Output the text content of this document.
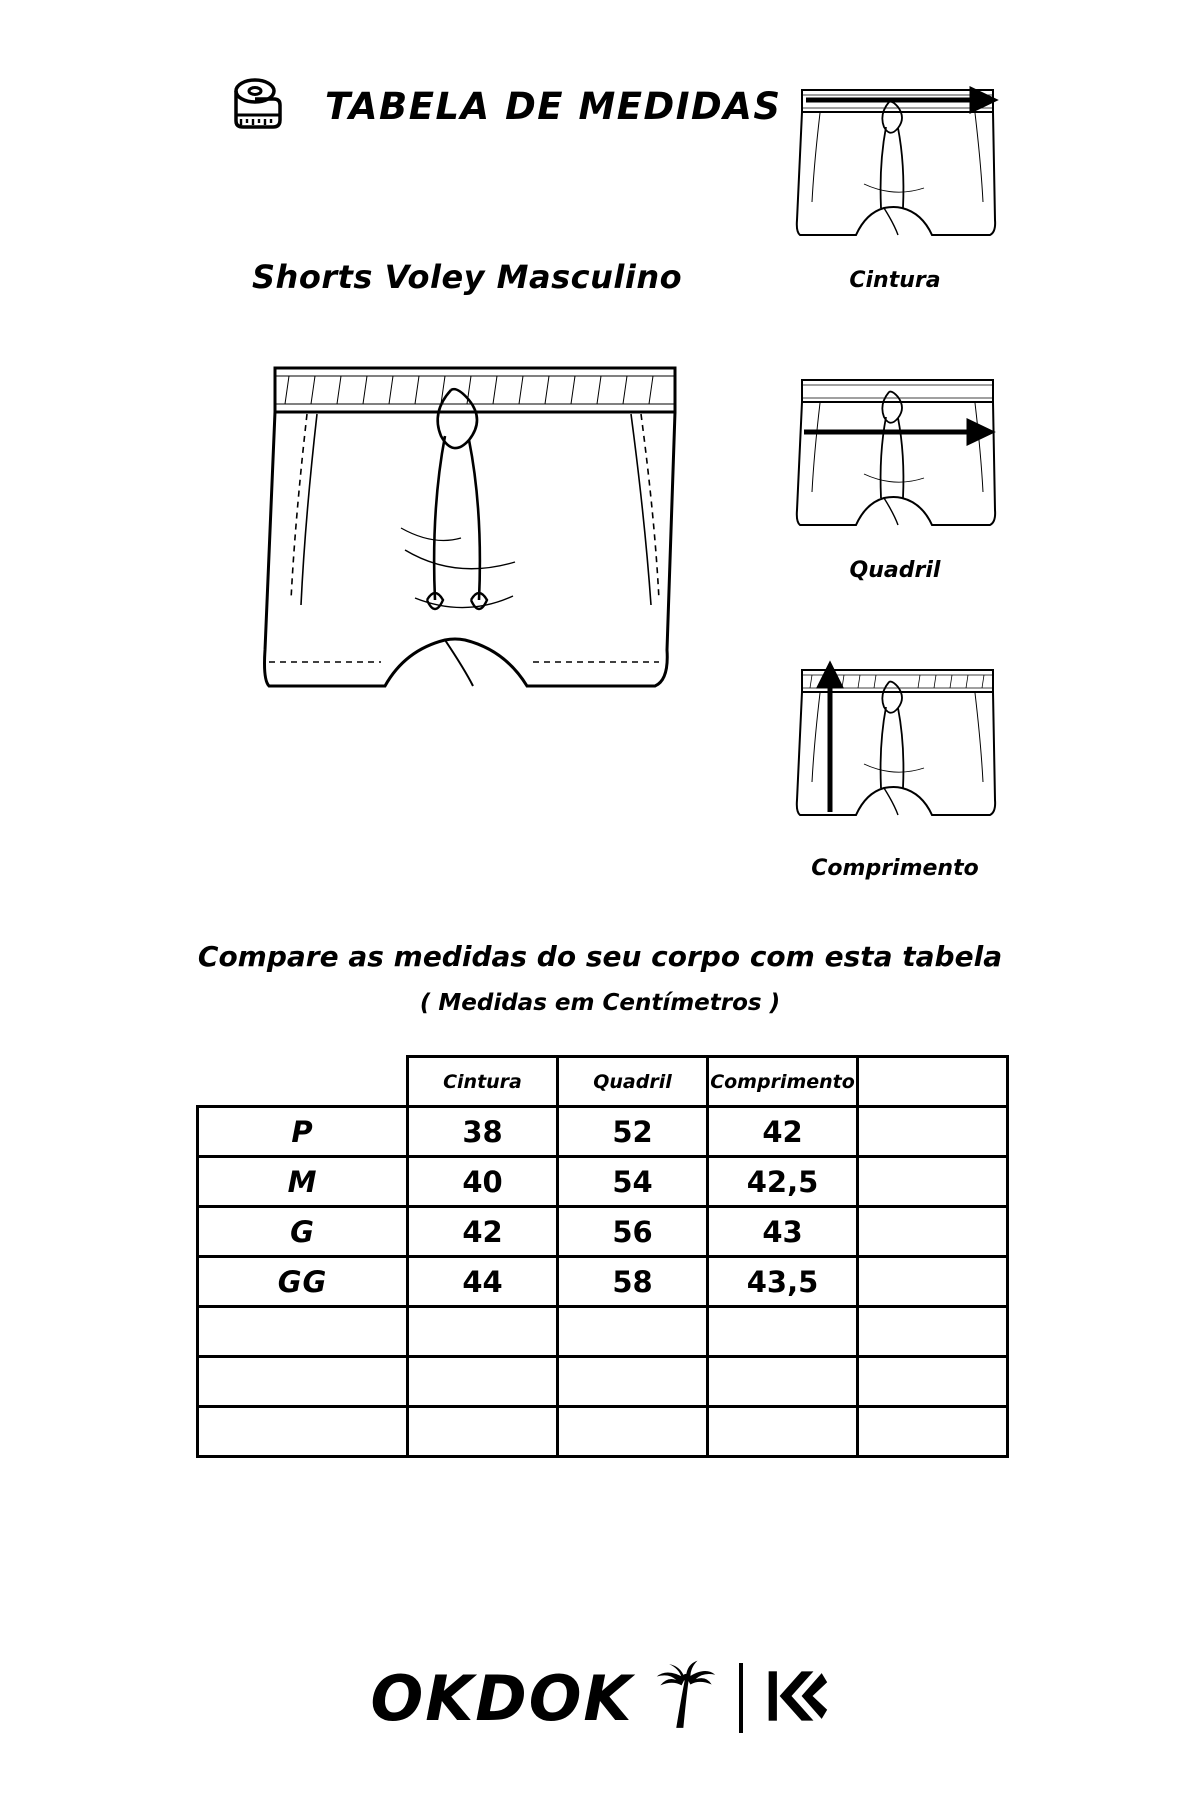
TABELA DE MEDIDAS
Shorts Voley Masculino	Cintura
Quadril
Comprimento
Compare as medidas do seu corpo com esta tabela
( Medidas em Centímetros )
	Cintura	Quadril	Comprimento	
P	38	52	42	
M	40	54	42,5	
G	42	56	43	
GG	44	58	43,5	

OKDOK
